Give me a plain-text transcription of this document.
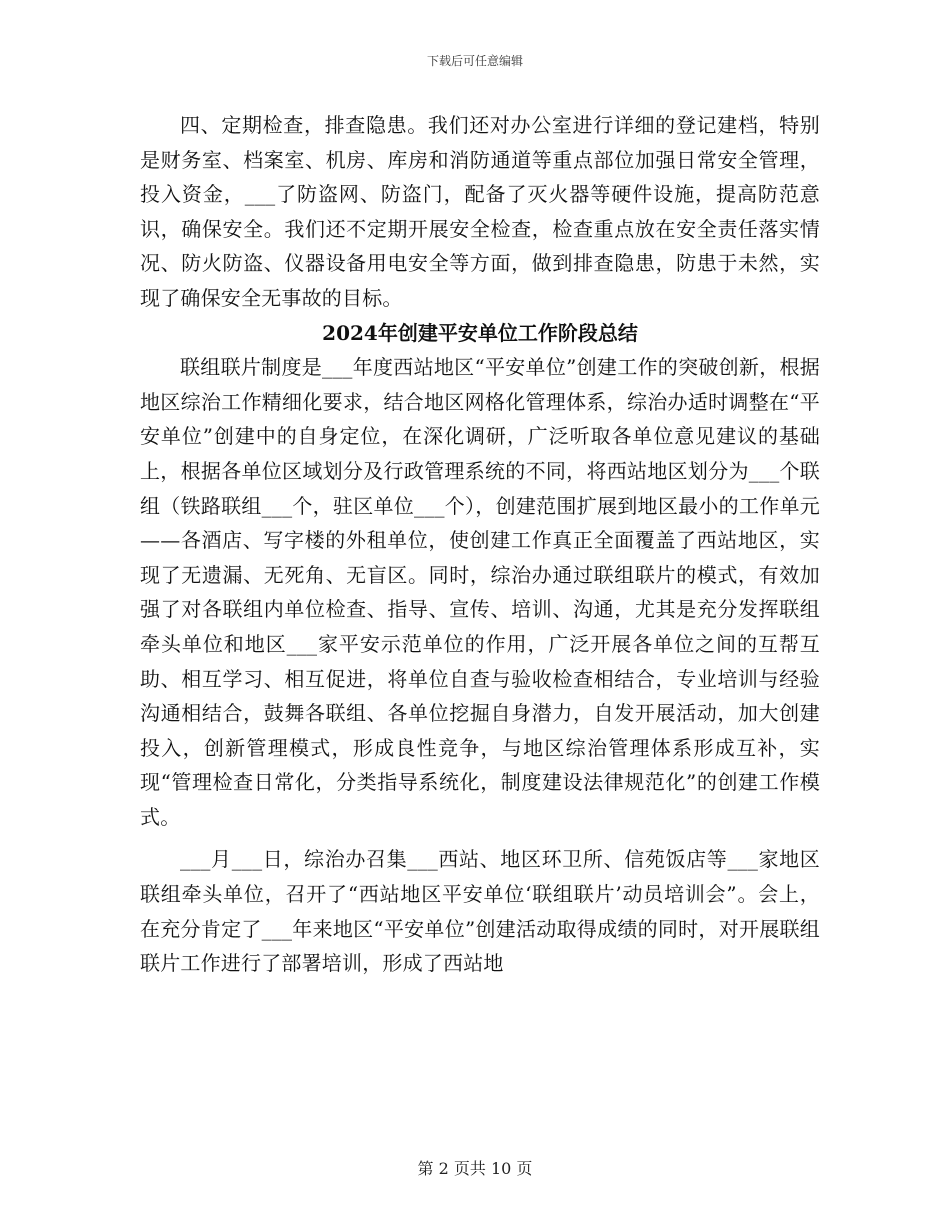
下载后可任意编辑

四、定期检查，排查隐患。我们还对办公室进行详细的登记建档，特别是财务室、档案室、机房、库房和消防通道等重点部位加强日常安全管理，投入资金，___了防盗网、防盗门，配备了灭火器等硬件设施，提高防范意识，确保安全。我们还不定期开展安全检查，检查重点放在安全责任落实情况、防火防盗、仪器设备用电安全等方面，做到排查隐患，防患于未然，实现了确保安全无事故的目标。

2024年创建平安单位工作阶段总结

联组联片制度是___年度西站地区“平安单位”创建工作的突破创新，根据地区综治工作精细化要求，结合地区网格化管理体系，综治办适时调整在“平安单位”创建中的自身定位，在深化调研，广泛听取各单位意见建议的基础上，根据各单位区域划分及行政管理系统的不同，将西站地区划分为___个联组（铁路联组___个，驻区单位___个），创建范围扩展到地区最小的工作单元——各酒店、写字楼的外租单位，使创建工作真正全面覆盖了西站地区，实现了无遗漏、无死角、无盲区。同时，综治办通过联组联片的模式，有效加强了对各联组内单位检查、指导、宣传、培训、沟通，尤其是充分发挥联组牵头单位和地区___家平安示范单位的作用，广泛开展各单位之间的互帮互助、相互学习、相互促进，将单位自查与验收检查相结合，专业培训与经验沟通相结合，鼓舞各联组、各单位挖掘自身潜力，自发开展活动，加大创建投入，创新管理模式，形成良性竞争，与地区综治管理体系形成互补，实现“管理检查日常化，分类指导系统化，制度建设法律规范化”的创建工作模式。

___月___日，综治办召集___西站、地区环卫所、信苑饭店等___家地区联组牵头单位，召开了“西站地区平安单位‘联组联片’动员培训会”。会上，在充分肯定了___年来地区“平安单位”创建活动取得成绩的同时，对开展联组联片工作进行了部署培训，形成了西站地

第 2 页共 10 页
